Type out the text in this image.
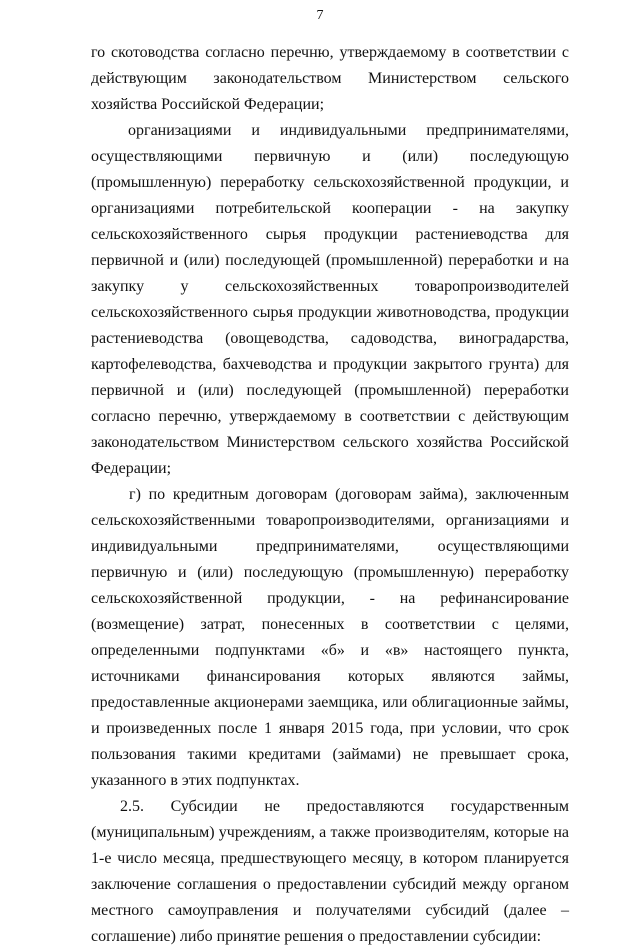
7

го скотоводства согласно перечню, утверждаемому в соответствии с действующим законодательством Министерством сельского хозяйства Российской Федерации;

организациями и индивидуальными предпринимателями, осуществляющими первичную и (или) последующую (промышленную) переработку сельскохозяйственной продукции, и организациями потребительской кооперации - на закупку сельскохозяйственного сырья продукции растениеводства для первичной и (или) последующей (промышленной) переработки и на закупку у сельскохозяйственных товаропроизводителей сельскохозяйственного сырья продукции животноводства, продукции растениеводства (овощеводства, садоводства, виноградарства, картофелеводства, бахчеводства и продукции закрытого грунта) для первичной и (или) последующей (промышленной) переработки согласно перечню, утверждаемому в соответствии с действующим законодательством Министерством сельского хозяйства Российской Федерации;

г) по кредитным договорам (договорам займа), заключенным сельскохозяйственными товаропроизводителями, организациями и индивидуальными предпринимателями, осуществляющими первичную и (или) последующую (промышленную) переработку сельскохозяйственной продукции, - на рефинансирование (возмещение) затрат, понесенных в соответствии с целями, определенными подпунктами «б» и «в» настоящего пункта, источниками финансирования которых являются займы, предоставленные акционерами заемщика, или облигационные займы, и произведенных после 1 января 2015 года, при условии, что срок пользования такими кредитами (займами) не превышает срока, указанного в этих подпунктах.

2.5. Субсидии не предоставляются государственным (муниципальным) учреждениям, а также производителям, которые на 1-е число месяца, предшествующего месяцу, в котором планируется заключение соглашения о предоставлении субсидий между органом местного самоуправления и получателями субсидий (далее – соглашение) либо принятие решения о предоставлении субсидии:
